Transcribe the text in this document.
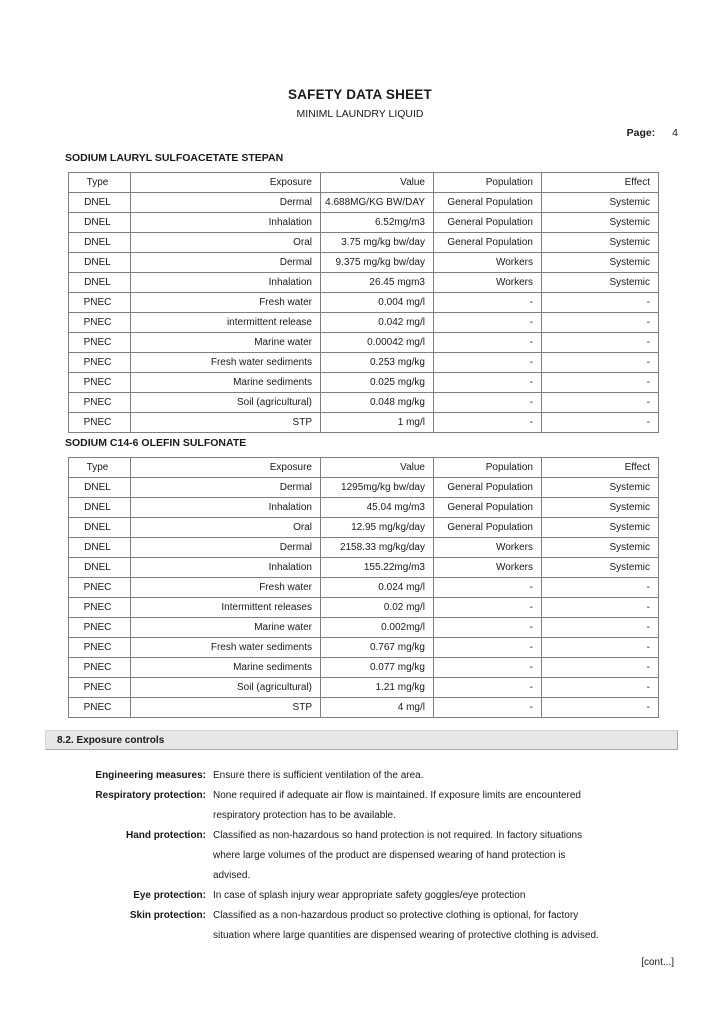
SAFETY DATA SHEET
MINIML LAUNDRY LIQUID
Page: 4
SODIUM LAURYL SULFOACETATE STEPAN
Type	Exposure	Value	Population	Effect
DNEL	Dermal	4.688MG/KG BW/DAY	General Population	Systemic
DNEL	Inhalation	6.52mg/m3	General Population	Systemic
DNEL	Oral	3.75 mg/kg bw/day	General Population	Systemic
DNEL	Dermal	9.375 mg/kg bw/day	Workers	Systemic
DNEL	Inhalation	26.45 mgm3	Workers	Systemic
PNEC	Fresh water	0.004 mg/l	-	-
PNEC	intermittent release	0.042 mg/l	-	-
PNEC	Marine water	0.00042 mg/l	-	-
PNEC	Fresh water sediments	0.253 mg/kg	-	-
PNEC	Marine sediments	0.025 mg/kg	-	-
PNEC	Soil (agricultural)	0.048 mg/kg	-	-
PNEC	STP	1 mg/l	-	-
SODIUM C14-6 OLEFIN SULFONATE
Type	Exposure	Value	Population	Effect
DNEL	Dermal	1295mg/kg bw/day	General Population	Systemic
DNEL	Inhalation	45.04 mg/m3	General Population	Systemic
DNEL	Oral	12.95 mg/kg/day	General Population	Systemic
DNEL	Dermal	2158.33 mg/kg/day	Workers	Systemic
DNEL	Inhalation	155.22mg/m3	Workers	Systemic
PNEC	Fresh water	0.024 mg/l	-	-
PNEC	Intermittent releases	0.02 mg/l	-	-
PNEC	Marine water	0.002mg/l	-	-
PNEC	Fresh water sediments	0.767 mg/kg	-	-
PNEC	Marine sediments	0.077 mg/kg	-	-
PNEC	Soil (agricultural)	1.21 mg/kg	-	-
PNEC	STP	4 mg/l	-	-
8.2. Exposure controls
Engineering measures: Ensure there is sufficient ventilation of the area.
Respiratory protection: None required if adequate air flow is maintained. If exposure limits are encountered
respiratory protection has to be available.
Hand protection: Classified as non-hazardous so hand protection is not required. In factory situations
where large volumes of the product are dispensed wearing of hand protection is
advised.
Eye protection: In case of splash injury wear appropriate safety goggles/eye protection
Skin protection: Classified as a non-hazardous product so protective clothing is optional, for factory
situation where large quantities are dispensed wearing of protective clothing is advised.
[cont...]
